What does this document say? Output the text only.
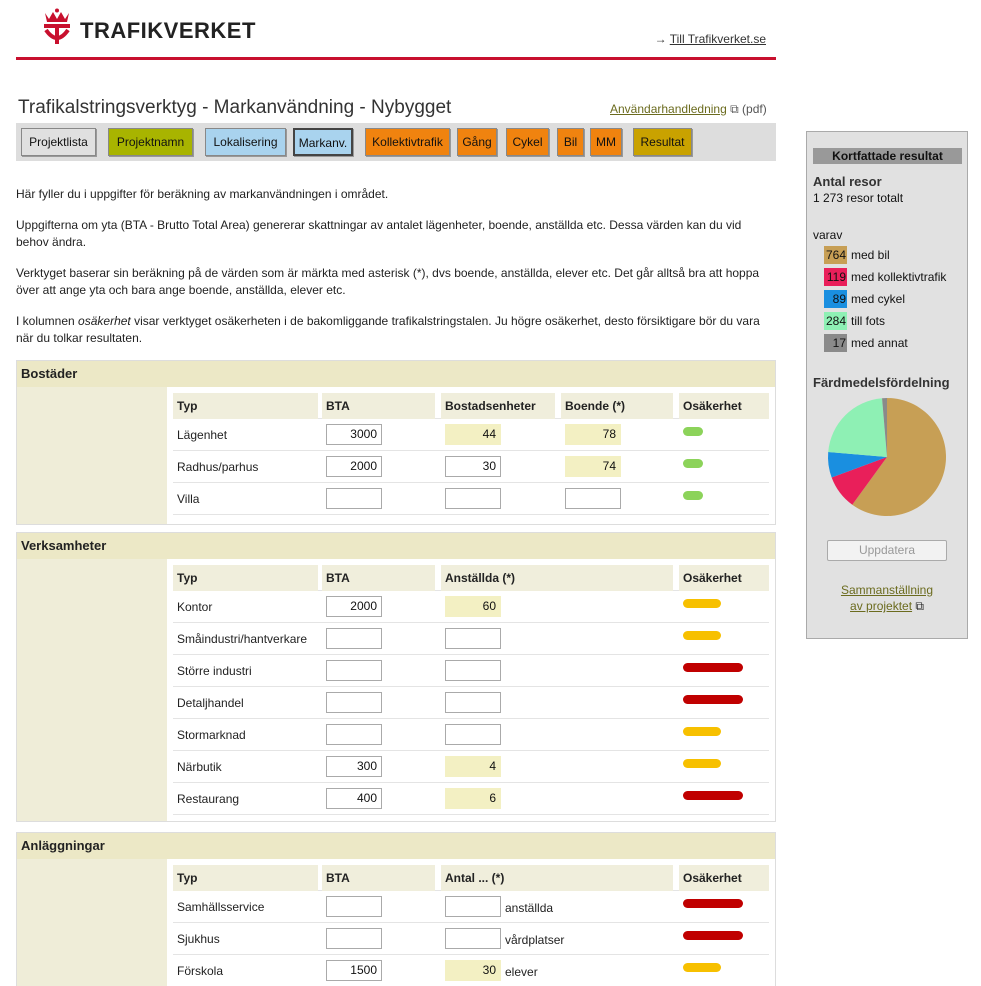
TRAFIKVERKET	→ Till Trafikverket.se
Trafikalstringsverktyg - Markanvändning - Nybygget	Användarhandledning ⧉ (pdf)
Projektlista	Projektnamn	Lokalisering	Markanv.	Kollektivtrafik	Gång	Cykel	Bil	MM	Resultat

Här fyller du i uppgifter för beräkning av markanvändningen i området.

Uppgifterna om yta (BTA - Brutto Total Area) genererar skattningar av antalet lägenheter, boende, anställda etc. Dessa värden kan du vid behov ändra.

Verktyget baserar sin beräkning på de värden som är märkta med asterisk (*), dvs boende, anställda, elever etc. Det går alltså bra att hoppa över att ange yta och bara ange boende, anställda, elever etc.

I kolumnen osäkerhet visar verktyget osäkerheten i de bakomliggande trafikalstringstalen. Ju högre osäkerhet, desto försiktigare bör du vara när du tolkar resultaten.

Bostäder
Typ	BTA	Bostadsenheter	Boende (*)	Osäkerhet
Lägenhet	3000	44	78
Radhus/parhus	2000	30	74
Villa
Verksamheter
Typ	BTA	Anställda (*)	Osäkerhet
Kontor	2000	60
Småindustri/hantverkare
Större industri
Detaljhandel
Stormarknad
Närbutik	300	4
Restaurang	400	6
Anläggningar
Typ	BTA	Antal ... (*)	Osäkerhet
Samhällsservice	anställda
Sjukhus	vårdplatser
Förskola	1500	30 elever
Kortfattade resultat
Antal resor
1 273 resor totalt
varav
764 med bil
119 med kollektivtrafik
89 med cykel
284 till fots
17 med annat
Färdmedelsfördelning
Uppdatera
Sammanställning
av projektet ⧉
